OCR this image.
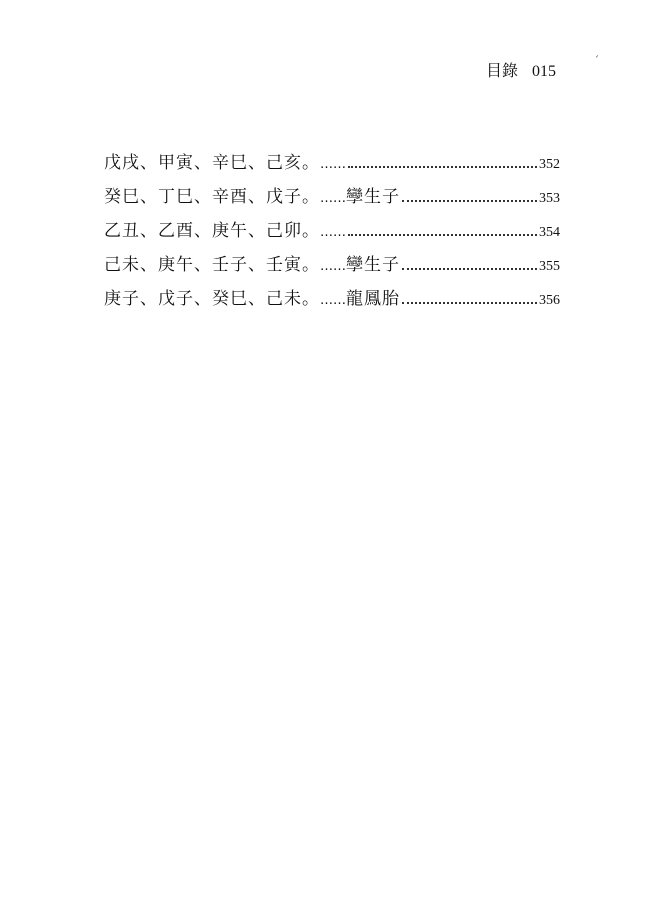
目錄 015
ˊ
戊戌、甲寅、辛巳、己亥。 ……	352
癸巳、丁巳、辛酉、戊子。 …… 孿生子	353
乙丑、乙酉、庚午、己卯。 ……	354
己未、庚午、壬子、壬寅。 …… 孿生子	355
庚子、戊子、癸巳、己未。 …… 龍鳳胎	356
